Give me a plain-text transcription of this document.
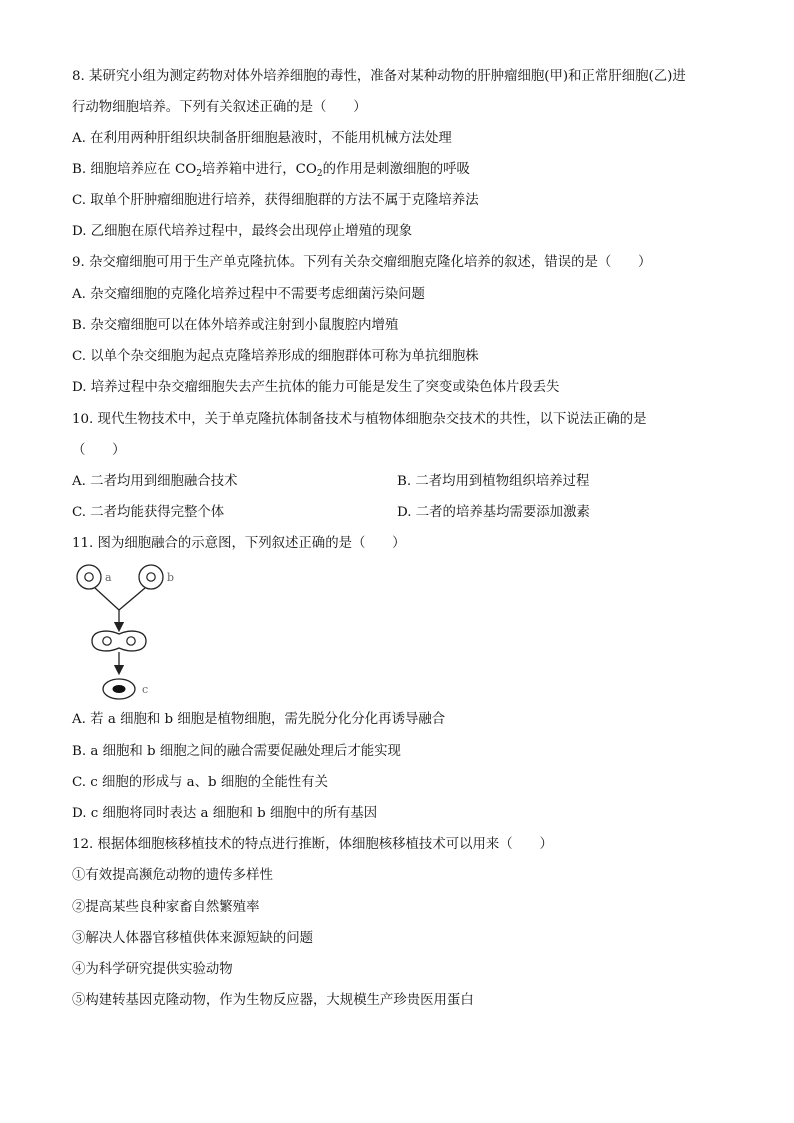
8. 某研究小组为测定药物对体外培养细胞的毒性，准备对某种动物的肝肿瘤细胞(甲)和正常肝细胞(乙)进
行动物细胞培养。下列有关叙述正确的是（　　）
A. 在利用两种肝组织块制备肝细胞悬液时，不能用机械方法处理
B. 细胞培养应在 $CO_2$培养箱中进行，$CO_2$的作用是刺激细胞的呼吸
C. 取单个肝肿瘤细胞进行培养，获得细胞群的方法不属于克隆培养法
D. 乙细胞在原代培养过程中，最终会出现停止增殖的现象
9. 杂交瘤细胞可用于生产单克隆抗体。下列有关杂交瘤细胞克隆化培养的叙述，错误的是（　　）
A. 杂交瘤细胞的克隆化培养过程中不需要考虑细菌污染问题
B. 杂交瘤细胞可以在体外培养或注射到小鼠腹腔内增殖
C. 以单个杂交细胞为起点克隆培养形成的细胞群体可称为单抗细胞株
D. 培养过程中杂交瘤细胞失去产生抗体的能力可能是发生了突变或染色体片段丢失
10. 现代生物技术中，关于单克隆抗体制备技术与植物体细胞杂交技术的共性，以下说法正确的是
（　　）
A. 二者均用到细胞融合技术	B. 二者均用到植物组织培养过程
C. 二者均能获得完整个体	D. 二者的培养基均需要添加激素
11. 图为细胞融合的示意图，下列叙述正确的是（　　）
a	b
c
A. 若 a 细胞和 b 细胞是植物细胞，需先脱分化分化再诱导融合
B. a 细胞和 b 细胞之间的融合需要促融处理后才能实现
C. c 细胞的形成与 a、b 细胞的全能性有关
D. c 细胞将同时表达 a 细胞和 b 细胞中的所有基因
12. 根据体细胞核移植技术的特点进行推断，体细胞核移植技术可以用来（　　）
①有效提高濒危动物的遗传多样性
②提高某些良种家畜自然繁殖率
③解决人体器官移植供体来源短缺的问题
④为科学研究提供实验动物
⑤构建转基因克隆动物，作为生物反应器，大规模生产珍贵医用蛋白
